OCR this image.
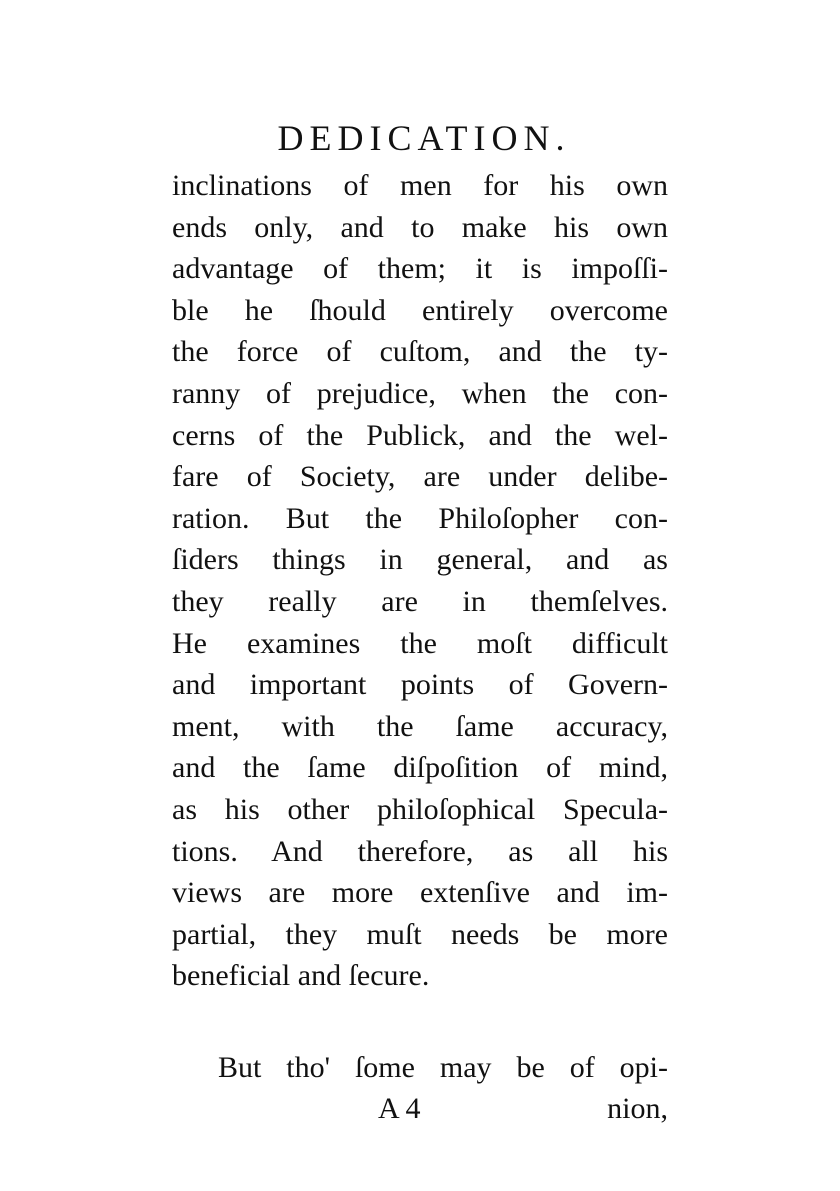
DEDICATION.
inclinations of men for his own
ends only, and to make his own
advantage of them; it is impoſſi-
ble he ſhould entirely overcome
the force of cuſtom, and the ty-
ranny of prejudice, when the con-
cerns of the Publick, and the wel-
fare of Society, are under delibe-
ration. But the Philoſopher con-
ſiders things in general, and as
they really are in themſelves.
He examines the moſt difficult
and important points of Govern-
ment, with the ſame accuracy,
and the ſame diſpoſition of mind,
as his other philoſophical Specula-
tions. And therefore, as all his
views are more extenſive and im-
partial, they muſt needs be more
beneficial and ſecure.
But tho' ſome may be of opi-
A 4	nion,
